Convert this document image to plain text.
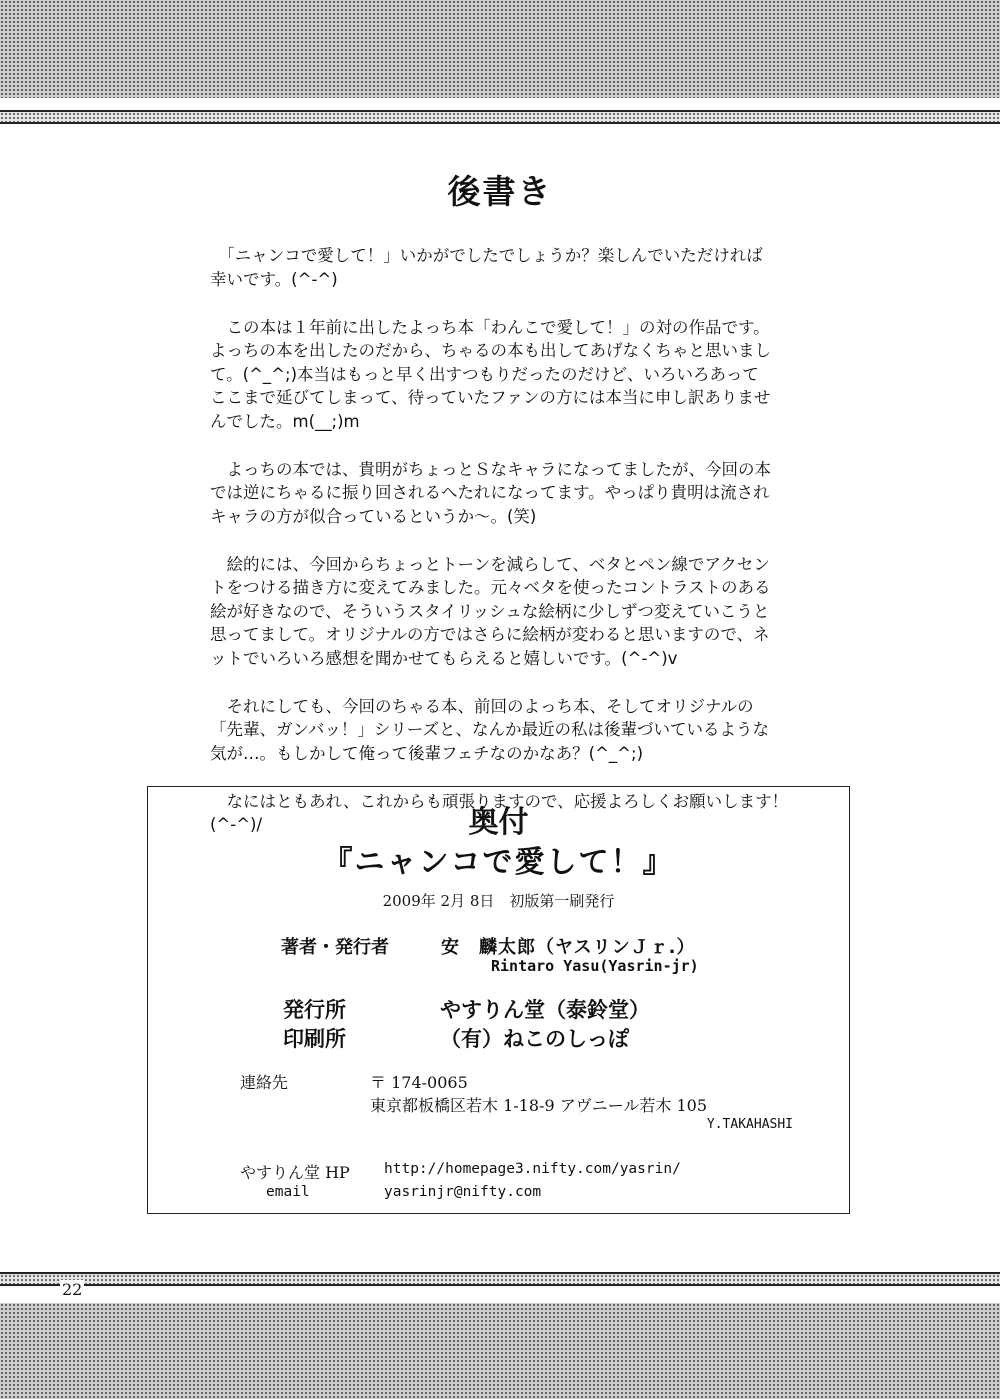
後書き

　「ニャンコで愛して！」いかがでしたでしょうか？楽しんでいただければ
幸いです。(^-^)

　この本は１年前に出したよっち本「わんこで愛して！」の対の作品です。
よっちの本を出したのだから、ちゃるの本も出してあげなくちゃと思いまし
て。(^_^;)本当はもっと早く出すつもりだったのだけど、いろいろあって
ここまで延びてしまって、待っていたファンの方には本当に申し訳ありませ
んでした。m(__;)m

　よっちの本では、貴明がちょっとＳなキャラになってましたが、今回の本
では逆にちゃるに振り回されるへたれになってます。やっぱり貴明は流され
キャラの方が似合っているというか〜。(笑)

　絵的には、今回からちょっとトーンを減らして、ベタとペン線でアクセン
トをつける描き方に変えてみました。元々ベタを使ったコントラストのある
絵が好きなので、そういうスタイリッシュな絵柄に少しずつ変えていこうと
思ってまして。オリジナルの方ではさらに絵柄が変わると思いますので、ネ
ットでいろいろ感想を聞かせてもらえると嬉しいです。(^-^)v

　それにしても、今回のちゃる本、前回のよっち本、そしてオリジナルの
「先輩、ガンバッ！」シリーズと、なんか最近の私は後輩づいているような
気が…。もしかして俺って後輩フェチなのかなあ？(^_^;)

　なにはともあれ、これからも頑張りますので、応援よろしくお願いします！
(^-^)/	奥付
『ニャンコで愛して！』
2009年 2月 8日　初版第一刷発行
著者・発行者	安　麟太郎（ヤスリンＪｒ.）
Rintaro Yasu(Yasrin-jr)
発行所	やすりん堂（泰鈴堂）
印刷所	（有）ねこのしっぽ
連絡先	〒 174-0065
東京都板橋区若木 1-18-9 アヴニール若木 105
Y.TAKAHASHI
やすりん堂 HP http://homepage3.nifty.com/yasrin/
email	yasrinjr@nifty.com
22
